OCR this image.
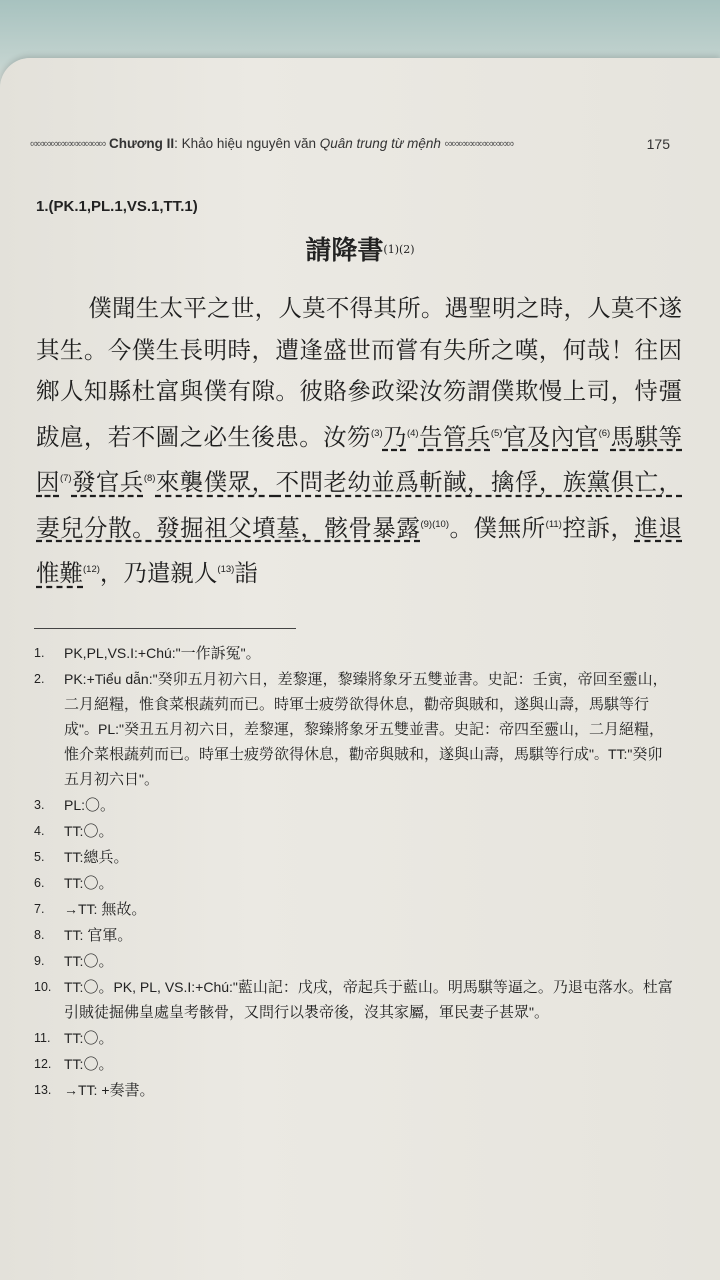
∞∞∞∞∞∞∞∞∞∞∞ Chương II: Khảo hiệu nguyên văn Quân trung từ mệnh ∞∞∞∞∞∞∞∞∞∞	175
1.(PK.1,PL.1,VS.1,TT.1)
請降書$^{(1)(2)}$
僕聞生太平之世，人莫不得其所。遇聖明之時，人莫不遂其生。今僕生長明時，遭逢盛世而嘗有失所之嘆，何哉！往因鄉人知縣杜富與僕有隙。彼賂參政梁汝笏謂僕欺慢上司，恃彊跋扈，若不圖之必生後患。汝笏$^{(3)}$乃$^{(4)}$告管兵$^{(5)}$官及內官$^{(6)}$馬騏等因$^{(7)}$發官兵$^{(8)}$來襲僕眾，不問老幼並爲斬馘，擒俘，族黨俱亡，妻兒分散。發掘祖父墳墓，骸骨暴露$^{(9)(10)}$。僕無所$^{(11)}$控訴，進退惟難$^{(12)}$，乃遣親人$^{(13)}$詣
1. PK,PL,VS.I:+Chú:"一作訴冤"。
2. PK:+Tiểu dẫn:"癸卯五月初六日，差黎運，黎臻將象牙五雙並書。史記：壬寅，帝回至靈山，二月絕糧，惟食菜根蔬茢而已。時軍士疲勞欲得休息，勸帝與賊和，遂與山壽，馬騏等行成"。PL:"癸丑五月初六日，差黎運，黎臻將象牙五雙並書。史記：帝四至靈山，二月絕糧，惟介菜根蔬茢而已。時軍士疲勞欲得休息，勸帝與賊和，遂與山壽，馬騏等行成"。TT:"癸卯五月初六日"。
3. PL:〇。
4. TT:〇。
5. TT:總兵。
6. TT:〇。
7. →TT: 無故。
8. TT: 官軍。
9. TT:〇。
10. TT:〇。PK, PL, VS.I:+Chú:"藍山記：戊戌，帝起兵于藍山。明馬騏等逼之。乃退屯落水。杜富引賊徒掘佛皇處皇考骸骨，又問行以褁帝後，沒其家屬，軍民妻子甚眾"。
11. TT:〇。
12. TT:〇。
13. →TT: +奏書。
